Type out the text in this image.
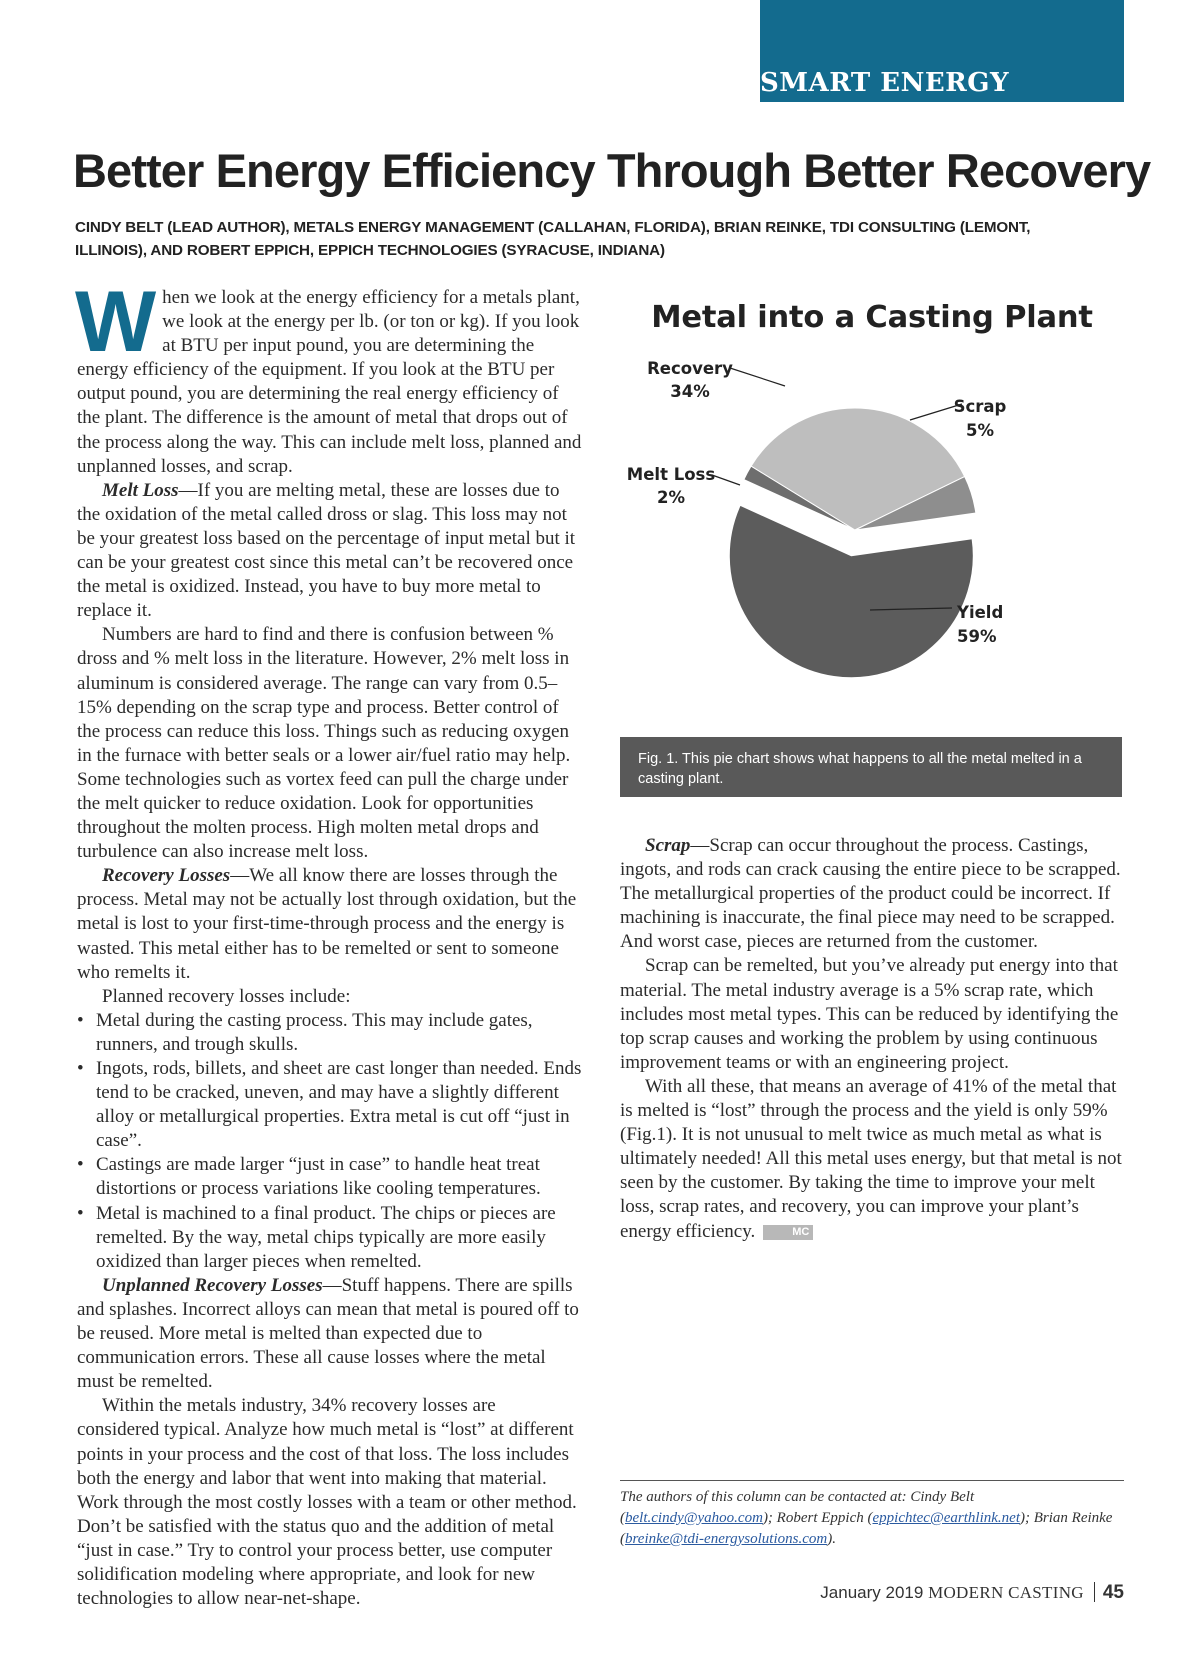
SMART ENERGY
Better Energy Efficiency Through Better Recovery
CINDY BELT (LEAD AUTHOR), METALS ENERGY MANAGEMENT (CALLAHAN, FLORIDA), BRIAN REINKE, TDI CONSULTING (LEMONT, ILLINOIS), AND ROBERT EPPICH, EPPICH TECHNOLOGIES (SYRACUSE, INDIANA)

When we look at the energy efficiency for a metals plant, we look at the energy per lb. (or ton or kg). If you look at BTU per input pound, you are determining the energy efficiency of the equipment. If you look at the BTU per output pound, you are determining the real energy efficiency of the plant. The difference is the amount of metal that drops out of the process along the way. This can include melt loss, planned and unplanned losses, and scrap.

Melt Loss—If you are melting metal, these are losses due to the oxidation of the metal called dross or slag. This loss may not be your greatest loss based on the percentage of input metal but it can be your greatest cost since this metal can’t be recovered once the metal is oxidized. Instead, you have to buy more metal to replace it.

Numbers are hard to find and there is confusion between % dross and % melt loss in the literature. However, 2% melt loss in aluminum is considered average. The range can vary from 0.5–15% depending on the scrap type and process. Better control of the process can reduce this loss. Things such as reducing oxygen in the furnace with better seals or a lower air/fuel ratio may help. Some technologies such as vortex feed can pull the charge under the melt quicker to reduce oxidation. Look for opportunities throughout the molten process. High molten metal drops and turbulence can also increase melt loss.

Recovery Losses—We all know there are losses through the process. Metal may not be actually lost through oxidation, but the metal is lost to your first-time-through process and the energy is wasted. This metal either has to be remelted or sent to someone who remelts it.

Planned recovery losses include:

• Metal during the casting process. This may include gates, runners, and trough skulls.
• Ingots, rods, billets, and sheet are cast longer than needed. Ends tend to be cracked, uneven, and may have a slightly different alloy or metallurgical properties. Extra metal is cut off “just in case”.
• Castings are made larger “just in case” to handle heat treat distortions or process variations like cooling temperatures.
• Metal is machined to a final product. The chips or pieces are remelted. By the way, metal chips typically are more easily oxidized than larger pieces when remelted.

Unplanned Recovery Losses—Stuff happens. There are spills and splashes. Incorrect alloys can mean that metal is poured off to be reused. More metal is melted than expected due to communication errors. These all cause losses where the metal must be remelted.

Within the metals industry, 34% recovery losses are considered typical. Analyze how much metal is “lost” at different points in your process and the cost of that loss. The loss includes both the energy and labor that went into making that material. Work through the most costly losses with a team or other method. Don’t be satisfied with the status quo and the addition of metal “just in case.” Try to control your process better, use computer solidification modeling where appropriate, and look for new technologies to allow near-net-shape.

Metal into a Casting Plant
Yield
59%
Melt Loss
2%
Recovery
34%
Scrap
5%
Fig. 1. This pie chart shows what happens to all the metal melted in a casting plant.

Scrap—Scrap can occur throughout the process. Castings, ingots, and rods can crack causing the entire piece to be scrapped. The metallurgical properties of the product could be incorrect. If machining is inaccurate, the final piece may need to be scrapped. And worst case, pieces are returned from the customer.

Scrap can be remelted, but you’ve already put energy into that material. The metal industry average is a 5% scrap rate, which includes most metal types. This can be reduced by identifying the top scrap causes and working the problem by using continuous improvement teams or with an engineering project.

With all these, that means an average of 41% of the metal that is melted is “lost” through the process and the yield is only 59% (Fig.1). It is not unusual to melt twice as much metal as what is ultimately needed! All this metal uses energy, but that metal is not seen by the customer. By taking the time to improve your melt loss, scrap rates, and recovery, you can improve your plant’s energy efficiency.	MC

The authors of this column can be contacted at: Cindy Belt (belt.cindy@yahoo.com); Robert Eppich (eppichtec@earthlink.net); Brian Reinke (breinke@tdi-energysolutions.com).
January 2019 MODERN CASTING 45
